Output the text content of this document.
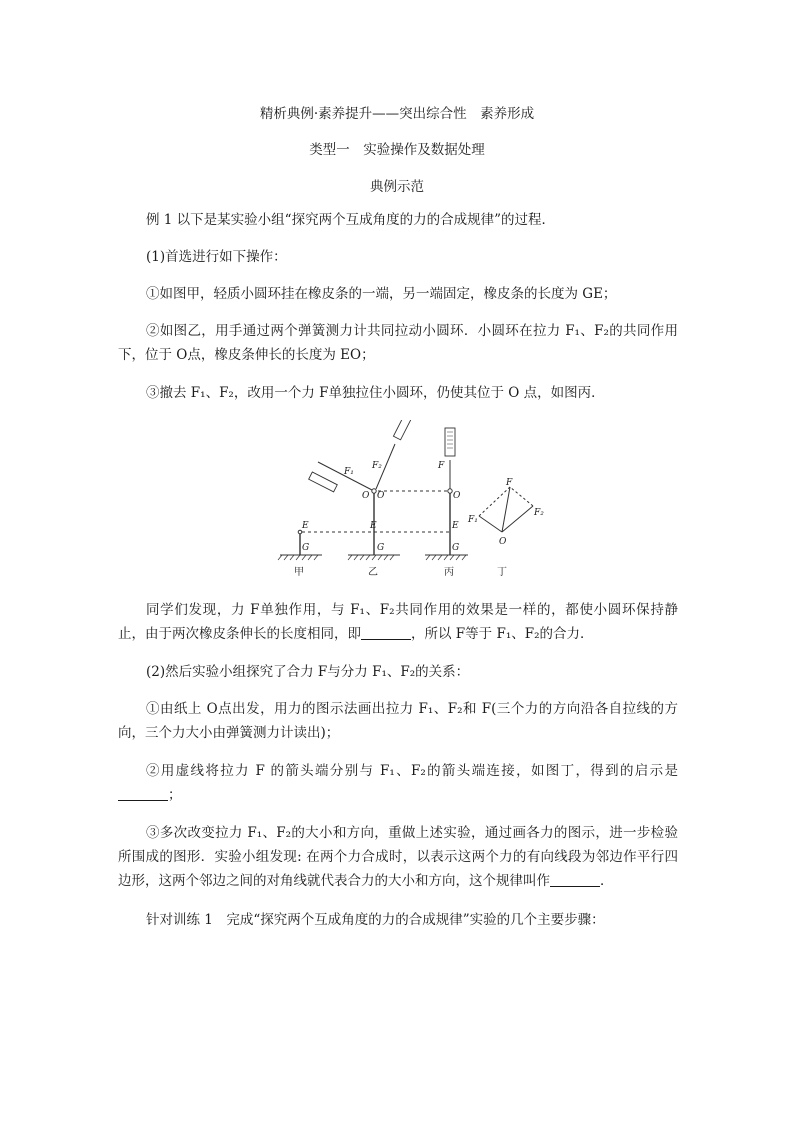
精析典例·素养提升——突出综合性　素养形成
类型一　实验操作及数据处理
典例示范
例 1 以下是某实验小组“探究两个互成角度的力的合成规律”的过程．
(1)首选进行如下操作：
①如图甲，轻质小圆环挂在橡皮条的一端，另一端固定，橡皮条的长度为 GE；
②如图乙，用手通过两个弹簧测力计共同拉动小圆环．小圆环在拉力 F₁、F₂的共同作用下，位于 O点，橡皮条伸长的长度为 EO；
③撤去 F₁、F₂，改用一个力 F单独拉住小圆环，仍使其位于 O 点，如图丙．
E
G
E
G
O O
F₁
F₂
E
G
O
F
F
F₁
F₂
O
甲	乙	丙	丁
同学们发现，力 F单独作用，与 F₁、F₂共同作用的效果是一样的，都使小圆环保持静止，由于两次橡皮条伸长的长度相同，即	，所以 F等于 F₁、F₂的合力．
(2)然后实验小组探究了合力 F与分力 F₁、F₂的关系：
①由纸上 O点出发，用力的图示法画出拉力 F₁、F₂和 F(三个力的方向沿各自拉线的方向，三个力大小由弹簧测力计读出)；
②用虚线将拉力 F 的箭头端分别与 F₁、F₂的箭头端连接，如图丁，得到的启示是；
③多次改变拉力 F₁、F₂的大小和方向，重做上述实验，通过画各力的图示，进一步检验所围成的图形．实验小组发现: 在两个力合成时，以表示这两个力的有向线段为邻边作平行四边形，这两个邻边之间的对角线就代表合力的大小和方向，这个规律叫作	．
针对训练 1　完成“探究两个互成角度的力的合成规律”实验的几个主要步骤：
